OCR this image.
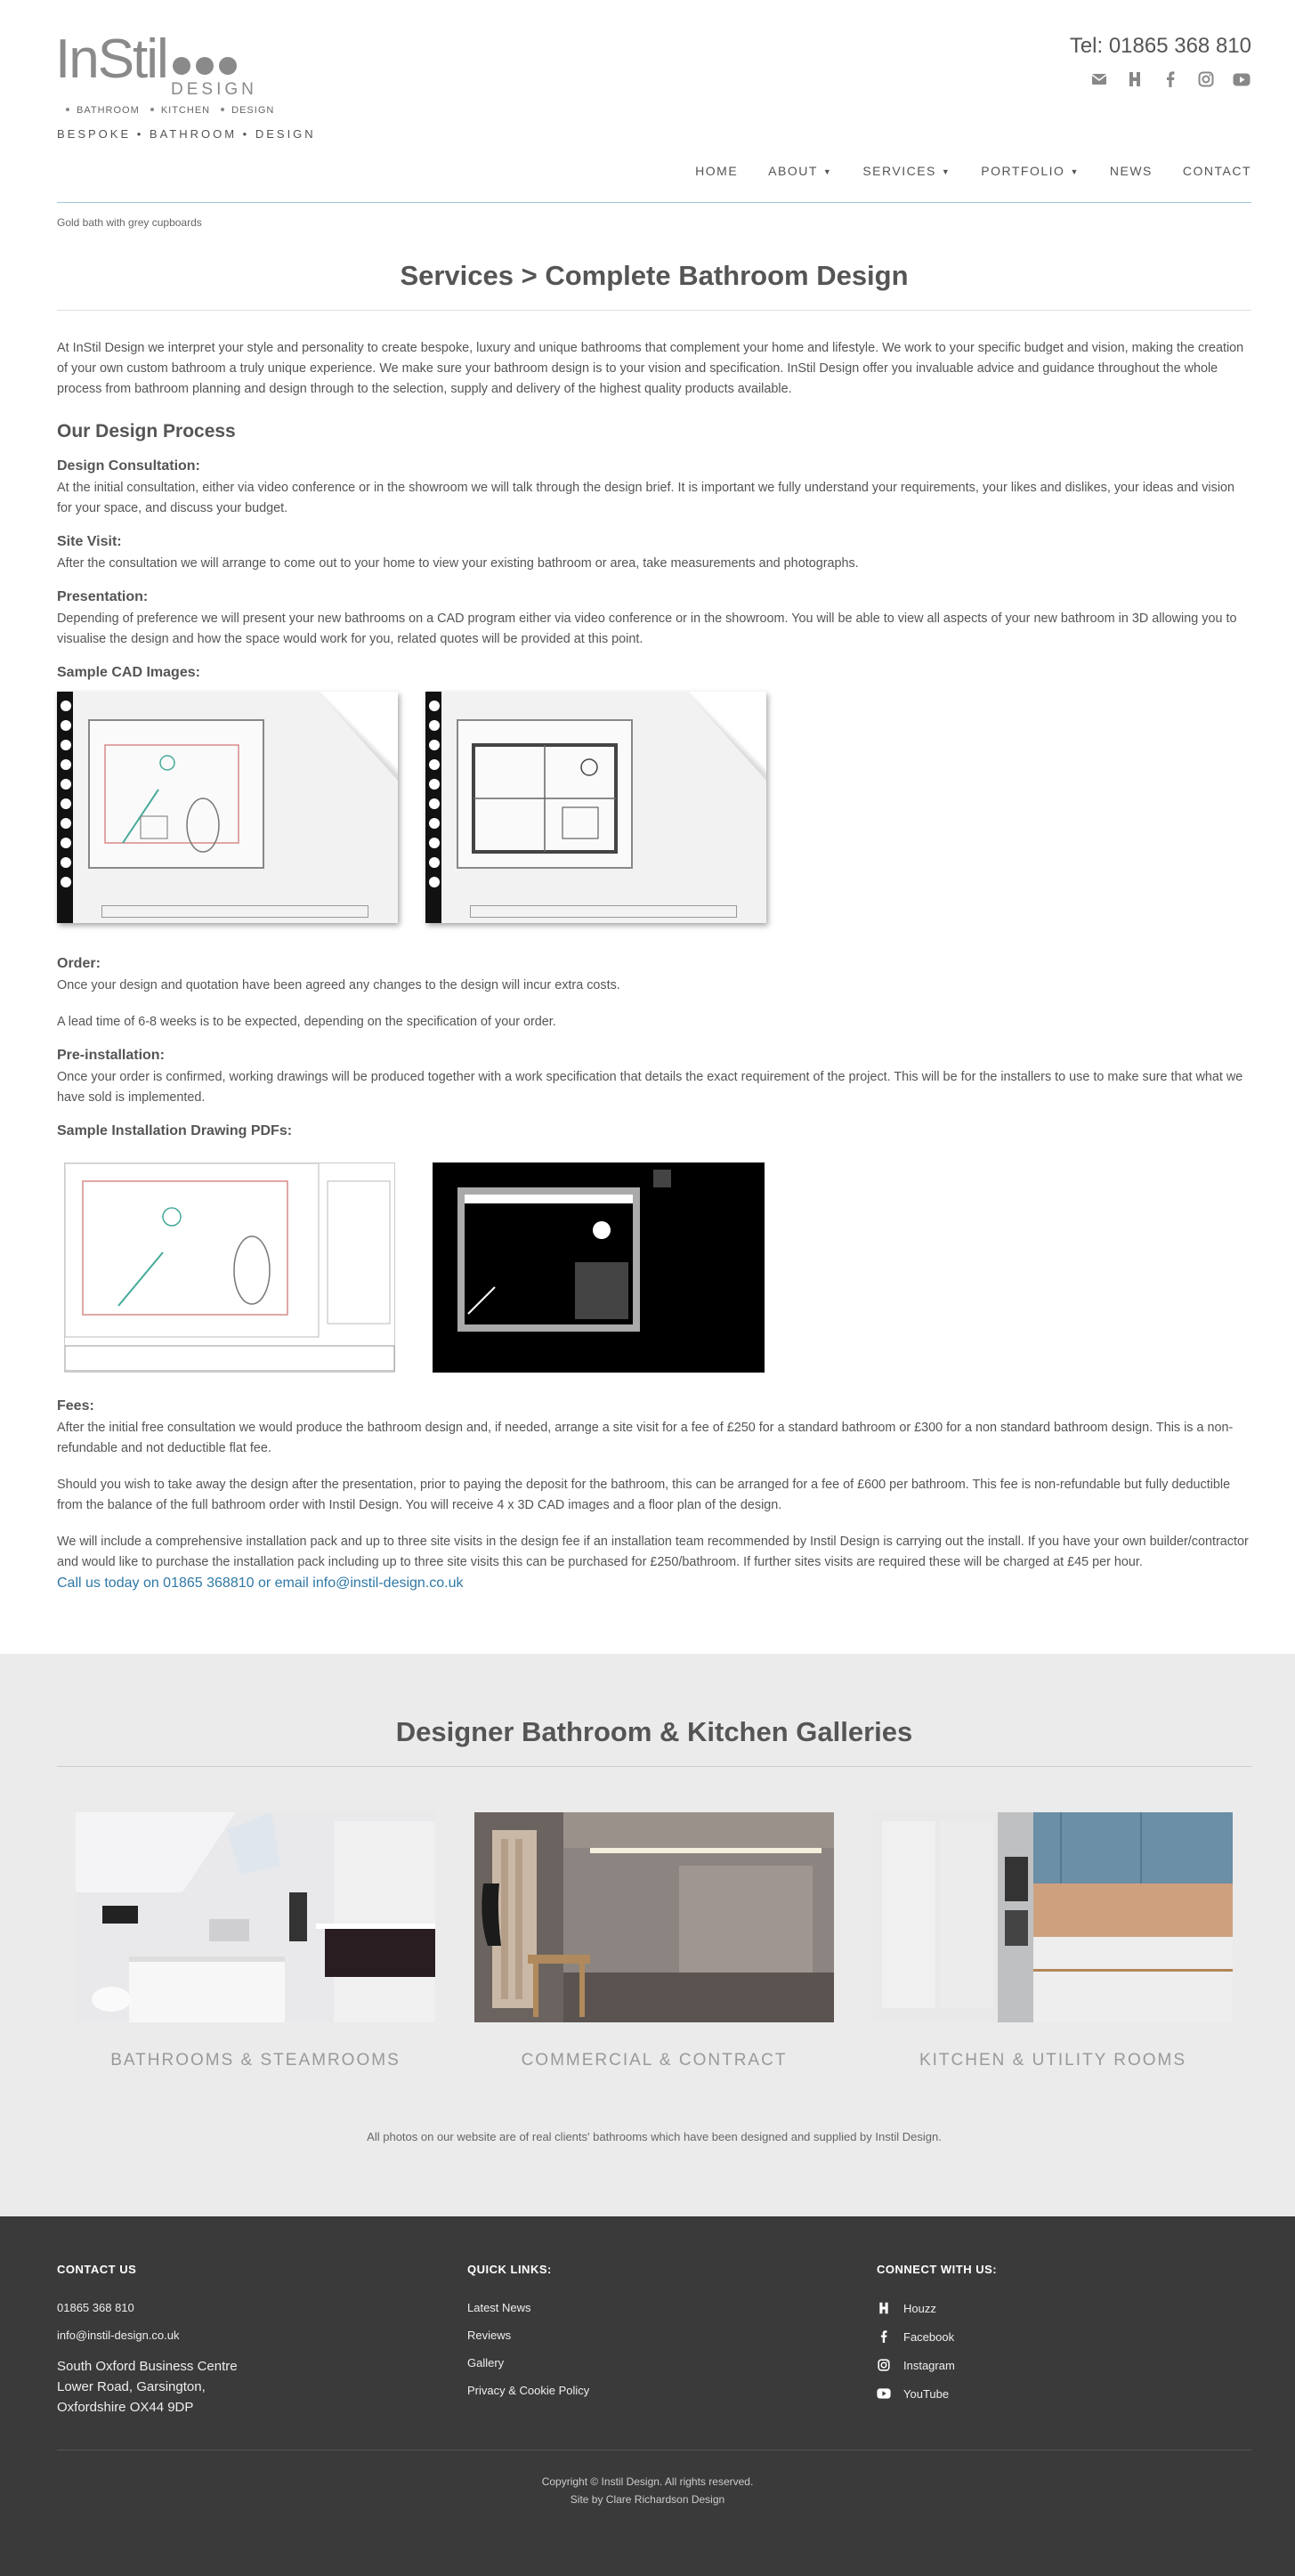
InStil DESIGN
BATHROOM KITCHEN DESIGN
BESPOKE • BATHROOM • DESIGN
Tel: 01865 368 810
HOME ABOUT ▼ SERVICES ▼ PORTFOLIO ▼ NEWS CONTACT
Gold bath with grey cupboards
Services > Complete Bathroom Design

At InStil Design we interpret your style and personality to create bespoke, luxury and unique bathrooms that complement your home and lifestyle. We work to your specific budget and vision, making the creation of your own custom bathroom a truly unique experience. We make sure your bathroom design is to your vision and specification. InStil Design offer you invaluable advice and guidance throughout the whole process from bathroom planning and design through to the selection, supply and delivery of the highest quality products available.

Our Design Process
Design Consultation:

At the initial consultation, either via video conference or in the showroom we will talk through the design brief. It is important we fully understand your requirements, your likes and dislikes, your ideas and vision for your space, and discuss your budget.

Site Visit:

After the consultation we will arrange to come out to your home to view your existing bathroom or area, take measurements and photographs.

Presentation:

Depending of preference we will present your new bathrooms on a CAD program either via video conference or in the showroom. You will be able to view all aspects of your new bathroom in 3D allowing you to visualise the design and how the space would work for you, related quotes will be provided at this point.

Sample CAD Images:
Order:

Once your design and quotation have been agreed any changes to the design will incur extra costs.

A lead time of 6-8 weeks is to be expected, depending on the specification of your order.

Pre-installation:

Once your order is confirmed, working drawings will be produced together with a work specification that details the exact requirement of the project. This will be for the installers to use to make sure that what we have sold is implemented.

Sample Installation Drawing PDFs:
Fees:

After the initial free consultation we would produce the bathroom design and, if needed, arrange a site visit for a fee of £250 for a standard bathroom or £300 for a non standard bathroom design. This is a non-refundable and not deductible flat fee.

Should you wish to take away the design after the presentation, prior to paying the deposit for the bathroom, this can be arranged for a fee of £600 per bathroom. This fee is non-refundable but fully deductible from the balance of the full bathroom order with Instil Design. You will receive 4 x 3D CAD images and a floor plan of the design.

We will include a comprehensive installation pack and up to three site visits in the design fee if an installation team recommended by Instil Design is carrying out the install. If you have your own builder/contractor and would like to purchase the installation pack including up to three site visits this can be purchased for £250/bathroom. If further sites visits are required these will be charged at £45 per hour.

Call us today on 01865 368810 or email info@instil-design.co.uk

Designer Bathroom & Kitchen Galleries
BATHROOMS & STEAMROOMS	COMMERCIAL & CONTRACT	KITCHEN & UTILITY ROOMS

All photos on our website are of real clients' bathrooms which have been designed and supplied by Instil Design.

CONTACT US
01865 368 810
info@instil-design.co.uk
South Oxford Business Centre
Lower Road, Garsington,
Oxfordshire OX44 9DP
QUICK LINKS:
Latest News
Reviews
Gallery
Privacy & Cookie Policy
CONNECT WITH US:
Houzz
Facebook
Instagram
YouTube
Copyright © Instil Design. All rights reserved.
Site by Clare Richardson Design
